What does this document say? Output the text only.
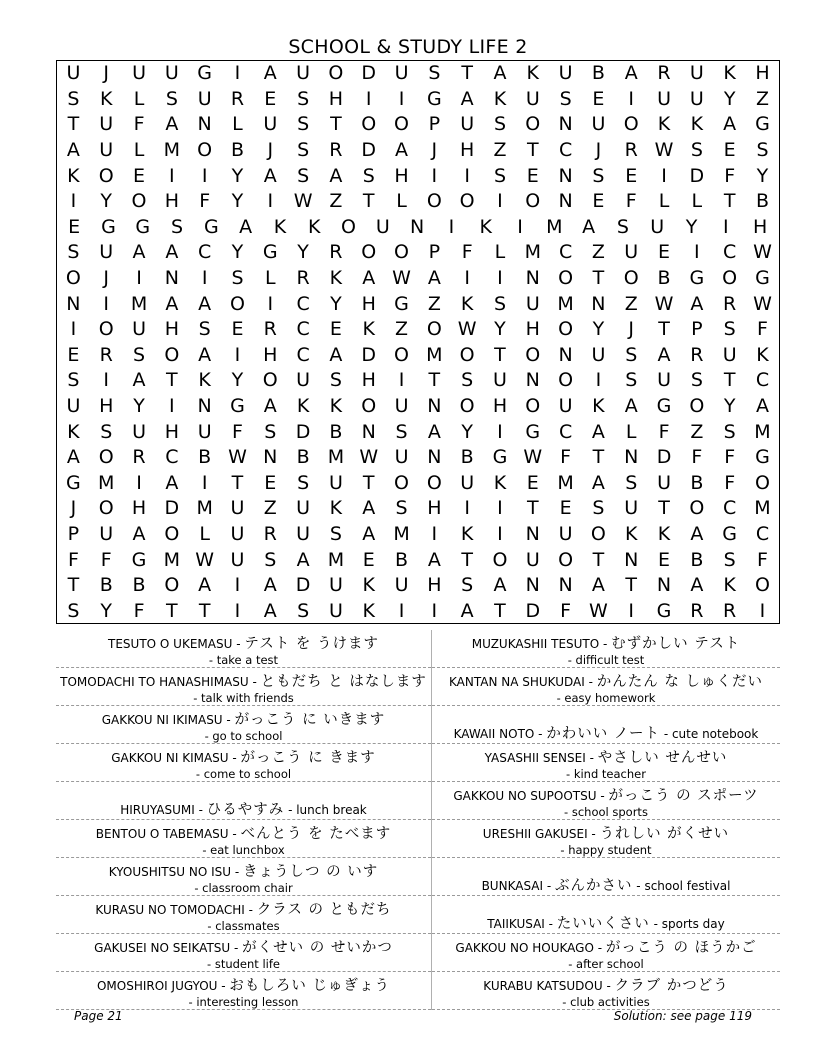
SCHOOL & STUDY LIFE 2
U	J	U U G	I	A	U O D U	S	T	A	K	U	B	A	R	U	K	H
S	K	L	S	U	R	E	S	H	I	I	G A	K	U	S	E	I	U U	Y	Z
T	U	F	A	N	L	U	S	T	O O	P	U	S	O N U O	K	K	A G
A	U	L	M O B	J	S	R D	A	J	H	Z	T	C	J	R W S	E	S
K	O	E	I	I	Y	A	S	A	S	H	I	I	S	E	N	S	E	I	D	F	Y
I	Y	O H	F	Y	I	W Z	T	L	O O	I	O N	E	F	L	L	T	B
E	G	G	S	G	A	K	K	O	U	N	I	K	I	M	A	S	U	Y	I	H
S	U	A	A	C	Y	G	Y	R O O	P	F	L	M C	Z	U	E	I	C W
O	J	I	N	I	S	L	R	K	A W A	I	I	N O	T	O B G O G
N	I	M A	A O	I	C	Y	H G Z	K	S	U M N	Z W A	R W
I	O U H	S	E	R	C	E	K	Z O W Y	H O	Y	J	T	P	S	F
E	R	S	O A	I	H	C	A D O M O	T	O N U	S	A	R	U	K
S	I	A	T	K	Y	O U	S	H	I	T	S	U N O	I	S	U	S	T	C
U H	Y	I	N G A	K	K	O U N O H O U	K	A G O	Y	A
K	S	U H U	F	S	D B	N	S	A	Y	I	G C	A	L	F	Z	S M
A O R	C	B W N	B M W U N	B G W F	T	N D	F	F	G
G M	I	A	I	T	E	S	U	T	O O U	K	E M A	S	U	B	F	O
J	O H D M U	Z	U	K	A	S	H	I	I	T	E	S	U	T	O C M
P	U	A O	L	U	R	U	S	A M	I	K	I	N U O	K	K	A G C
F	F	G M W U	S	A M E	B	A	T	O U O	T	N	E	B	S	F
T	B	B O A	I	A D U	K	U H	S	A	N N	A	T	N	A	K	O
S	Y	F	T	T	I	A	S	U	K	I	I	A	T	D	F W	I	G R	R	I
TESUTO O UKEMASU - テスト を うけます
- take a test
TOMODACHI TO HANASHIMASU - ともだち と はなします
- talk with friends
GAKKOU NI IKIMASU - がっこう に いきます
- go to school
GAKKOU NI KIMASU - がっこう に きます
- come to school
HIRUYASUMI - ひるやすみ - lunch break
BENTOU O TABEMASU - べんとう を たべます
- eat lunchbox
KYOUSHITSU NO ISU - きょうしつ の いす
- classroom chair
KURASU NO TOMODACHI - クラス の ともだち
- classmates
GAKUSEI NO SEIKATSU - がくせい の せいかつ
- student life
OMOSHIROI JUGYOU - おもしろい じゅぎょう
- interesting lesson
MUZUKASHII TESUTO - むずかしい テスト
- difficult test
KANTAN NA SHUKUDAI - かんたん な しゅくだい
- easy homework
KAWAII NOTO - かわいい ノート - cute notebook
YASASHII SENSEI - やさしい せんせい
- kind teacher
GAKKOU NO SUPOOTSU - がっこう の スポーツ
- school sports
URESHII GAKUSEI - うれしい がくせい
- happy student
BUNKASAI - ぶんかさい - school festival
TAIIKUSAI - たいいくさい - sports day
GAKKOU NO HOUKAGO - がっこう の ほうかご
- after school
KURABU KATSUDOU - クラブ かつどう
- club activities
Page 21	Solution: see page 119
